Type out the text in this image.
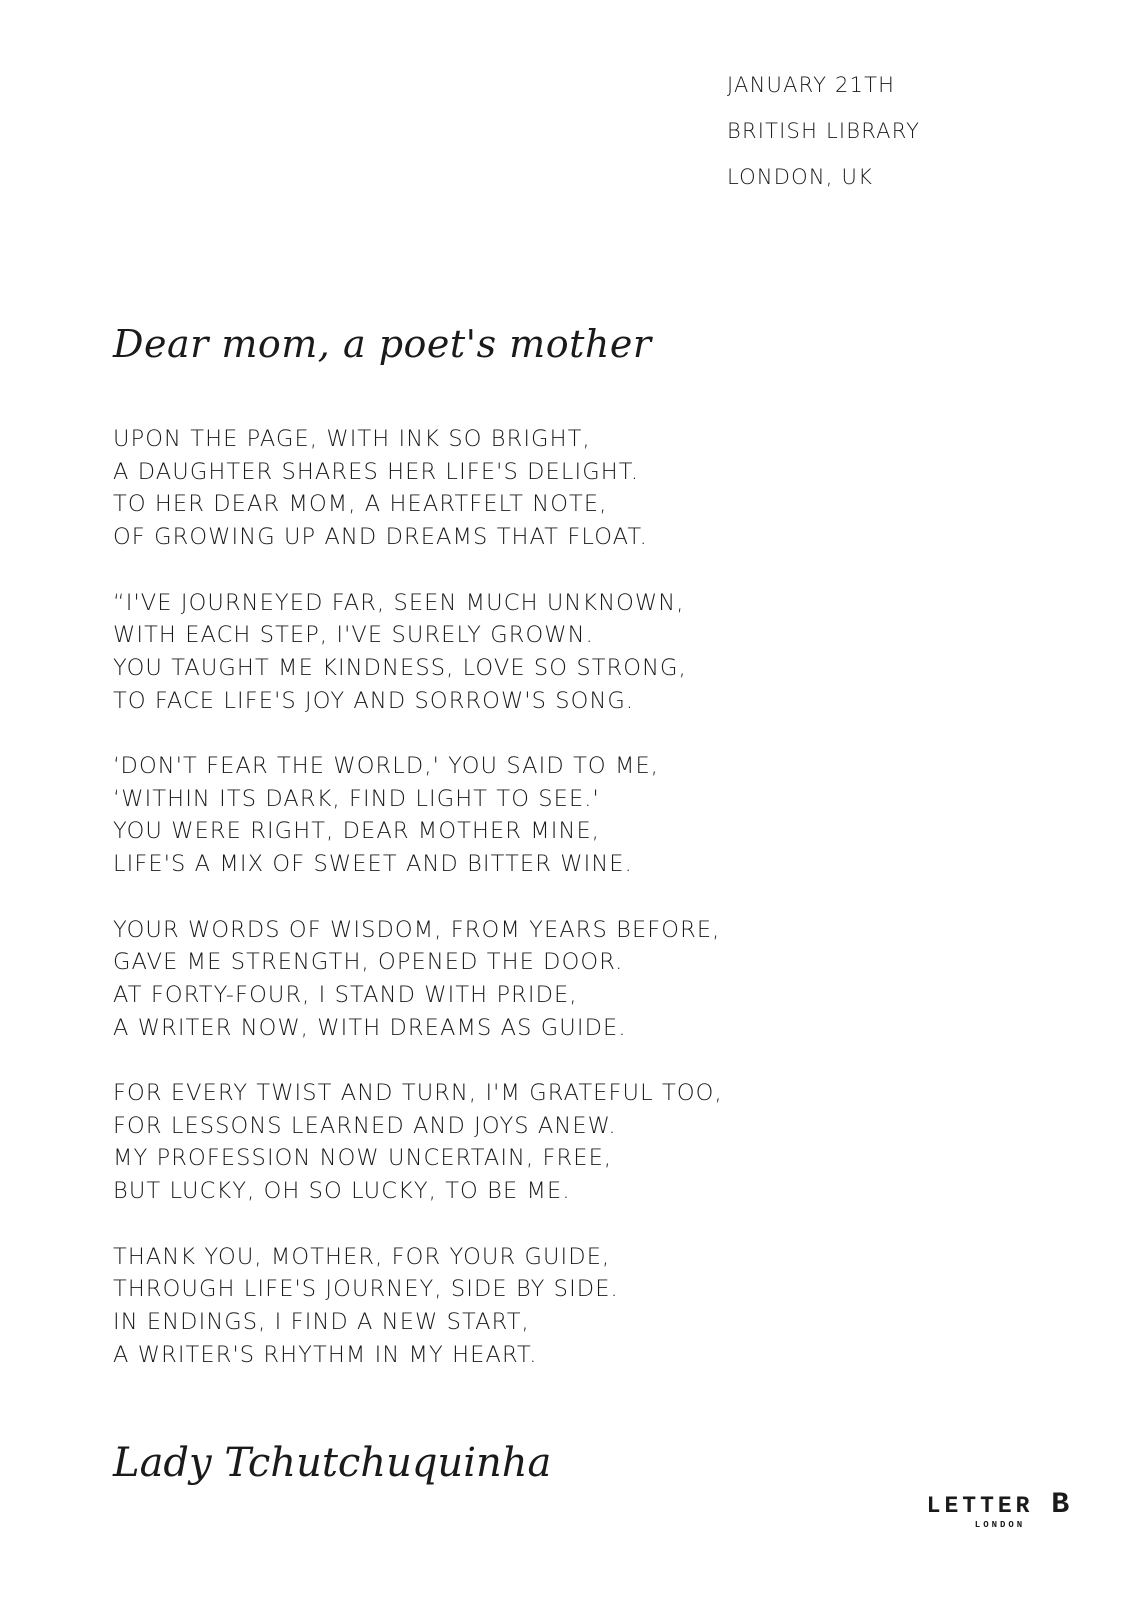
JANUARY 21TH
BRITISH LIBRARY
LONDON, UK
Dear mom, a poet's mother
UPON THE PAGE, WITH INK SO BRIGHT,
A DAUGHTER SHARES HER LIFE'S DELIGHT.
TO HER DEAR MOM, A HEARTFELT NOTE,
OF GROWING UP AND DREAMS THAT FLOAT.
“I'VE JOURNEYED FAR, SEEN MUCH UNKNOWN,
WITH EACH STEP, I'VE SURELY GROWN.
YOU TAUGHT ME KINDNESS, LOVE SO STRONG,
TO FACE LIFE'S JOY AND SORROW'S SONG.
‘DON'T FEAR THE WORLD,' YOU SAID TO ME,
‘WITHIN ITS DARK, FIND LIGHT TO SEE.'
YOU WERE RIGHT, DEAR MOTHER MINE,
LIFE'S A MIX OF SWEET AND BITTER WINE.
YOUR WORDS OF WISDOM, FROM YEARS BEFORE,
GAVE ME STRENGTH, OPENED THE DOOR.
AT FORTY-FOUR, I STAND WITH PRIDE,
A WRITER NOW, WITH DREAMS AS GUIDE.
FOR EVERY TWIST AND TURN, I'M GRATEFUL TOO,
FOR LESSONS LEARNED AND JOYS ANEW.
MY PROFESSION NOW UNCERTAIN, FREE,
BUT LUCKY, OH SO LUCKY, TO BE ME.
THANK YOU, MOTHER, FOR YOUR GUIDE,
THROUGH LIFE'S JOURNEY, SIDE BY SIDE.
IN ENDINGS, I FIND A NEW START,
A WRITER'S RHYTHM IN MY HEART.
Lady Tchutchuquinha
LETTER B
LONDON
